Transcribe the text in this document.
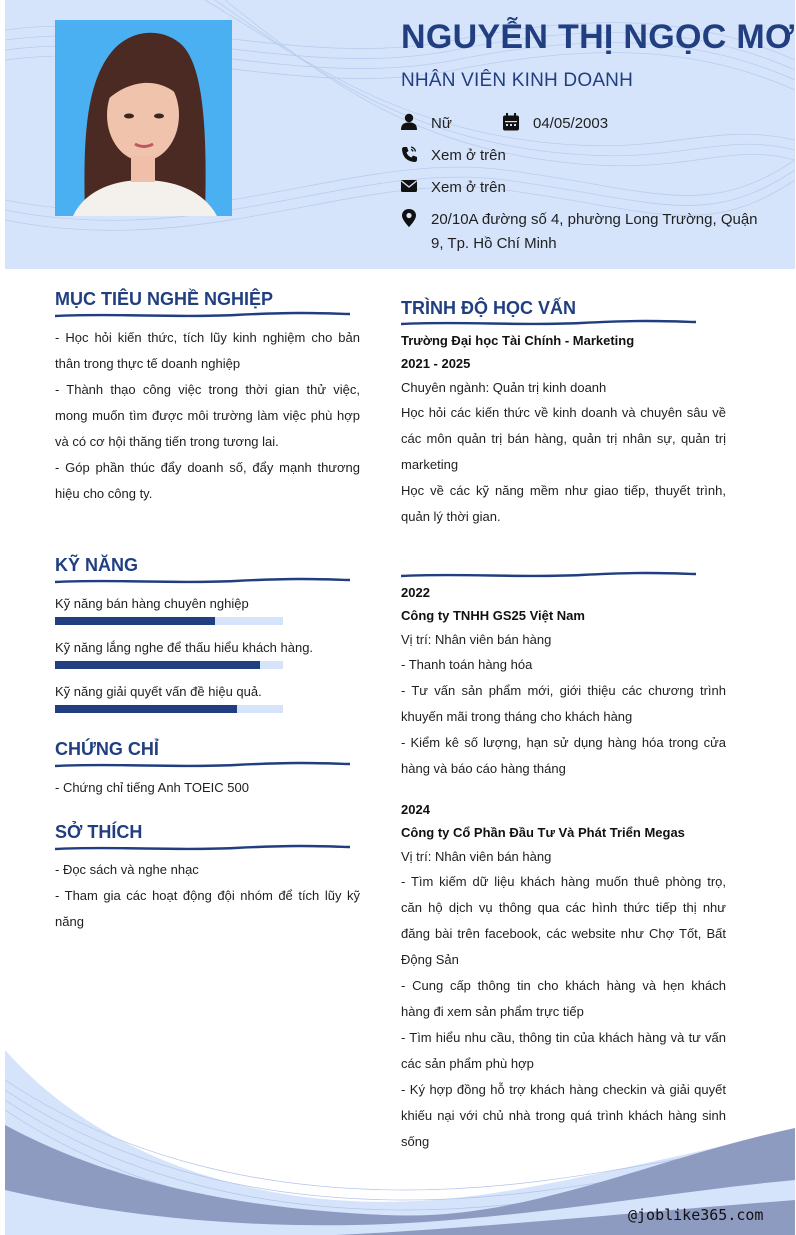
NGUYỄN THỊ NGỌC MƠ
NHÂN VIÊN KINH DOANH
Nữ	04/05/2003
Xem ở trên
Xem ở trên
20/10A đường số 4, phường Long Trường, Quận 9, Tp. Hồ Chí Minh
MỤC TIÊU NGHỀ NGHIỆP

- Học hỏi kiến thức, tích lũy kinh nghiệm cho bản thân trong thực tế doanh nghiệp

- Thành thạo công việc trong thời gian thử việc, mong muốn tìm được môi trường làm việc phù hợp và có cơ hội thăng tiến trong tương lai.

- Góp phần thúc đẩy doanh số, đẩy mạnh thương hiệu cho công ty.

KỸ NĂNG
Kỹ năng bán hàng chuyên nghiệp
Kỹ năng lắng nghe để thấu hiểu khách hàng.
Kỹ năng giải quyết vấn đề hiệu quả.
CHỨNG CHỈ

- Chứng chỉ tiếng Anh TOEIC 500

SỞ THÍCH

- Đọc sách và nghe nhạc

- Tham gia các hoạt động đội nhóm để tích lũy kỹ năng

TRÌNH ĐỘ HỌC VẤN
Trường Đại học Tài Chính - Marketing
2021 - 2025
Chuyên ngành: Quản trị kinh doanh

Học hỏi các kiến thức về kinh doanh và chuyên sâu về các môn quản trị bán hàng, quản trị nhân sự, quản trị marketing

Học về các kỹ năng mềm như giao tiếp, thuyết trình, quản lý thời gian.

2022
Công ty TNHH GS25 Việt Nam
Vị trí: Nhân viên bán hàng

- Thanh toán hàng hóa

- Tư vấn sản phẩm mới, giới thiệu các chương trình khuyến mãi trong tháng cho khách hàng

- Kiểm kê số lượng, hạn sử dụng hàng hóa trong cửa hàng và báo cáo hàng tháng

2024
Công ty Cổ Phần Đầu Tư Và Phát Triển Megas
Vị trí: Nhân viên bán hàng

- Tìm kiếm dữ liệu khách hàng muốn thuê phòng trọ, căn hộ dịch vụ thông qua các hình thức tiếp thị như đăng bài trên facebook, các website như Chợ Tốt, Bất Động Sản

- Cung cấp thông tin cho khách hàng và hẹn khách hàng đi xem sản phẩm trực tiếp

- Tìm hiểu nhu cầu, thông tin của khách hàng và tư vấn các sản phẩm phù hợp

- Ký hợp đồng hỗ trợ khách hàng checkin và giải quyết khiếu nại với chủ nhà trong quá trình khách hàng sinh sống

@joblike365.com
